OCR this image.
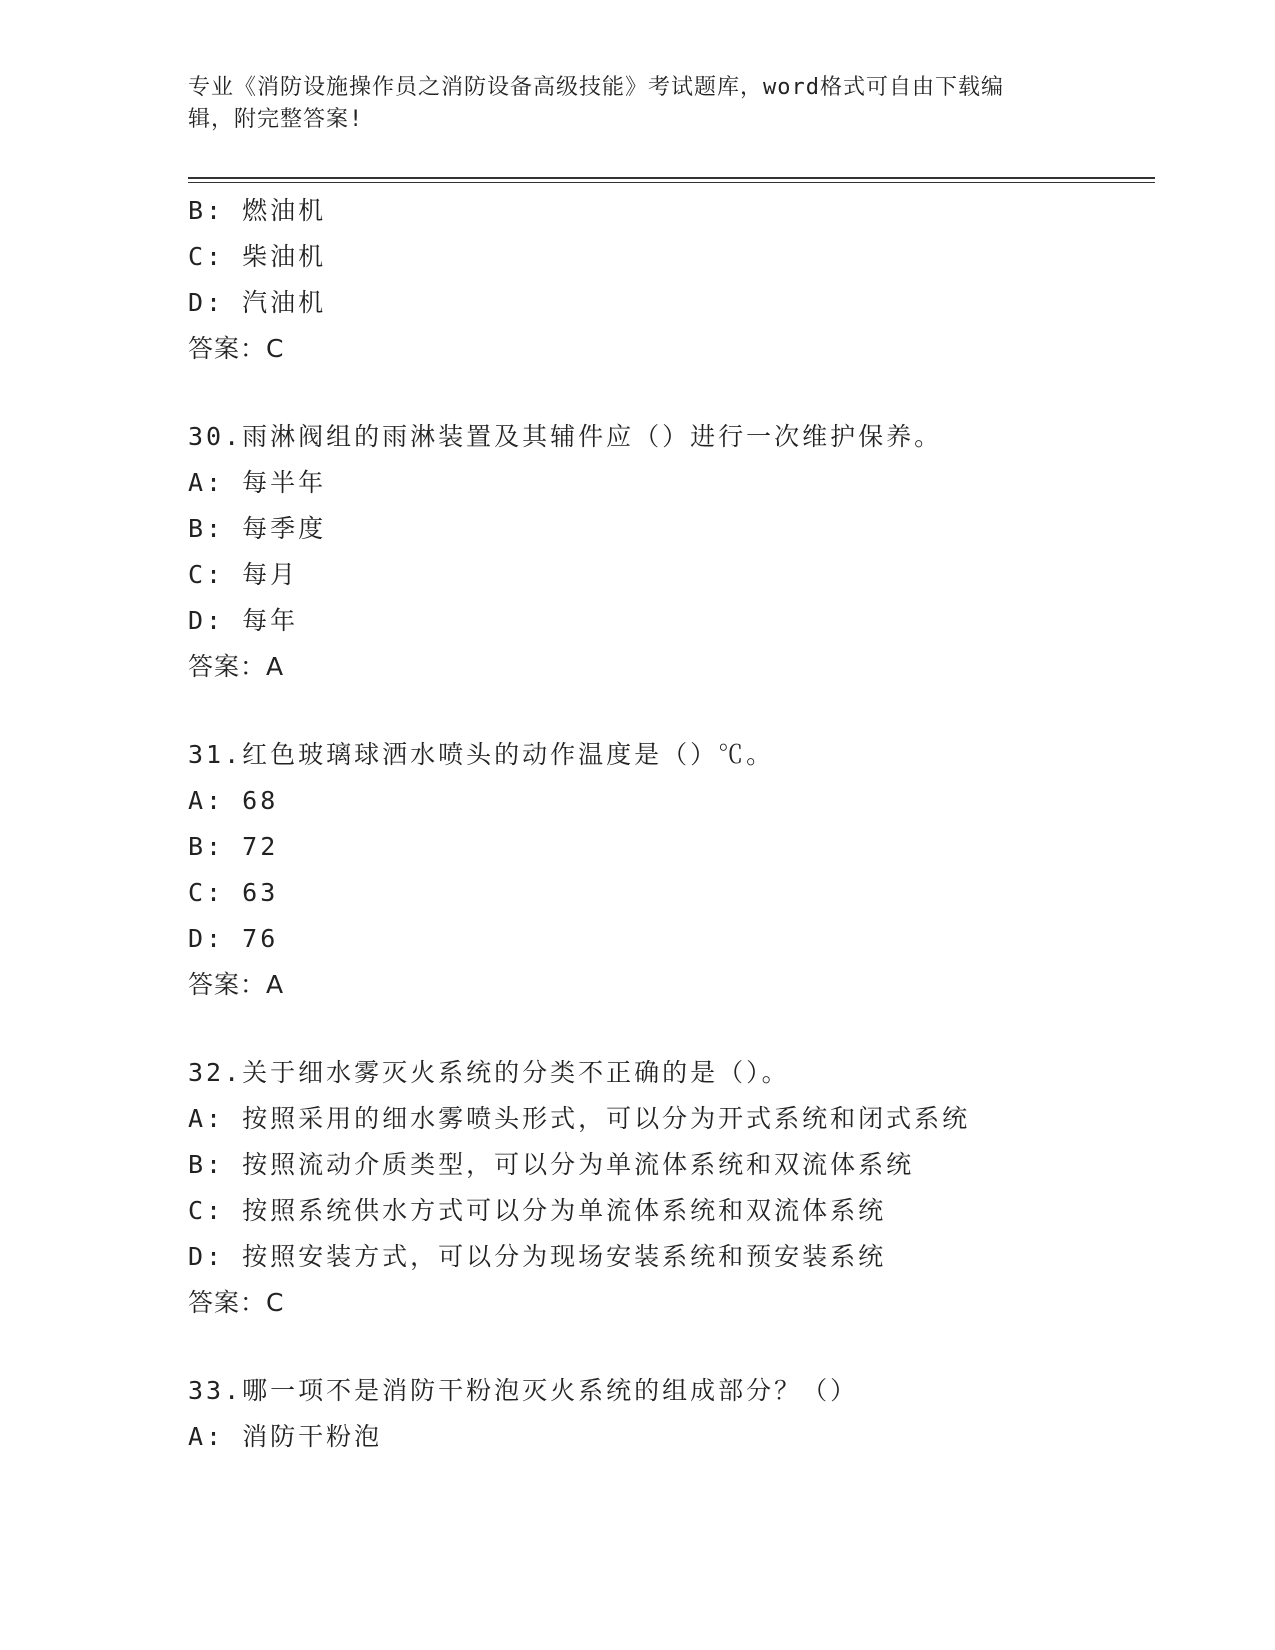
专业《消防设施操作员之消防设备高级技能》考试题库，word格式可自由下载编
辑，附完整答案!
B: 燃油机
C: 柴油机
D: 汽油机
答案：C
30.雨淋阀组的雨淋装置及其辅件应（）进行一次维护保养。
A: 每半年
B: 每季度
C: 每月
D: 每年
答案：A
31.红色玻璃球洒水喷头的动作温度是（）℃。
A: 68
B: 72
C: 63
D: 76
答案：A
32.关于细水雾灭火系统的分类不正确的是（）。
A: 按照采用的细水雾喷头形式，可以分为开式系统和闭式系统
B: 按照流动介质类型，可以分为单流体系统和双流体系统
C: 按照系统供水方式可以分为单流体系统和双流体系统
D: 按照安装方式，可以分为现场安装系统和预安装系统
答案：C
33.哪一项不是消防干粉泡灭火系统的组成部分？（）
A: 消防干粉泡
